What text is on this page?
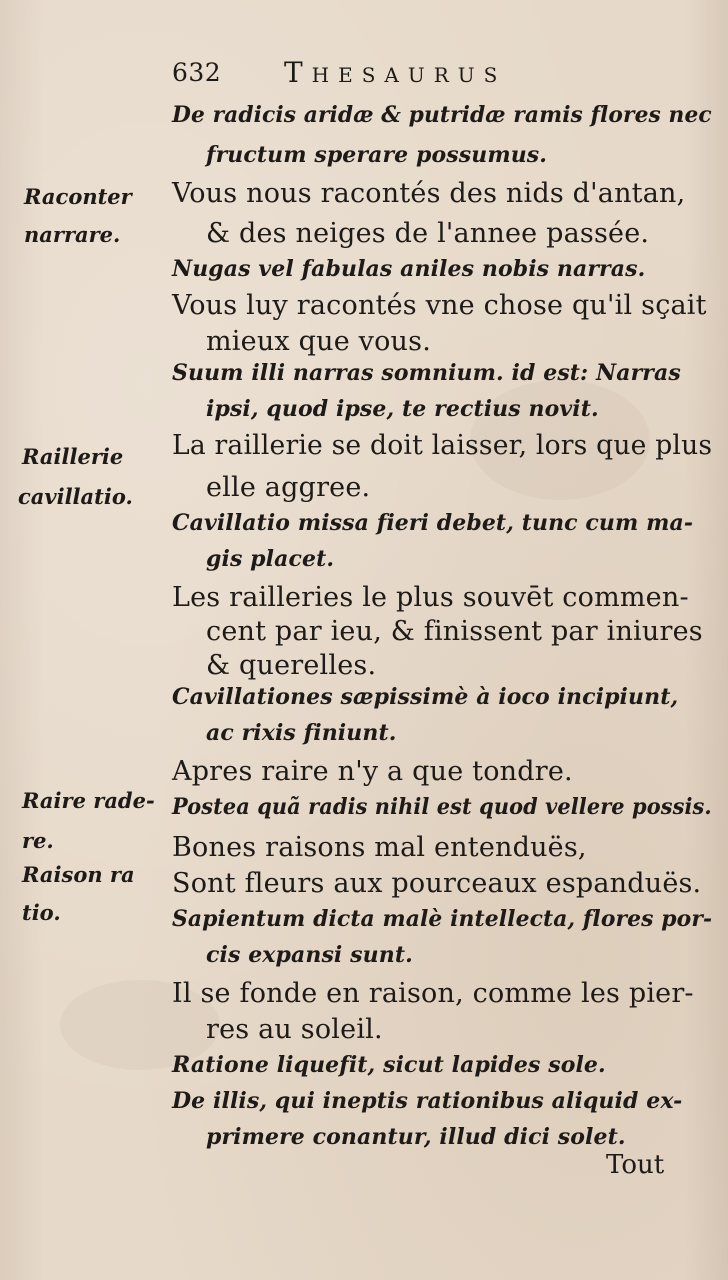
632 Thesaurus
Raconter
narrare.
Raillerie
cavillatio.
Raire rade-
re.
Raison ra
tio.
De radicis aridæ & putridæ ramis flores nec
fructum sperare possumus.
Vous nous racontés des nids d'antan,
& des neiges de l'annee passée.
Nugas vel fabulas aniles nobis narras.
Vous luy racontés vne chose qu'il sçait
mieux que vous.
Suum illi narras somnium. id est: Narras
ipsi, quod ipse, te rectius novit.
La raillerie se doit laisser, lors que plus
elle aggree.
Cavillatio missa fieri debet, tunc cum ma-
gis placet.
Les railleries le plus souvēt commen-
cent par ieu, & finissent par iniures
& querelles.
Cavillationes sæpissimè à ioco incipiunt,
ac rixis finiunt.
Apres raire n'y a que tondre.
Postea quã radis nihil est quod vellere possis.
Bones raisons mal entenduës,
Sont fleurs aux pourceaux espanduës.
Sapientum dicta malè intellecta, flores por-
cis expansi sunt.
Il se fonde en raison, comme les pier-
res au soleil.
Ratione liquefit, sicut lapides sole.
De illis, qui ineptis rationibus aliquid ex-
primere conantur, illud dici solet.
Tout
